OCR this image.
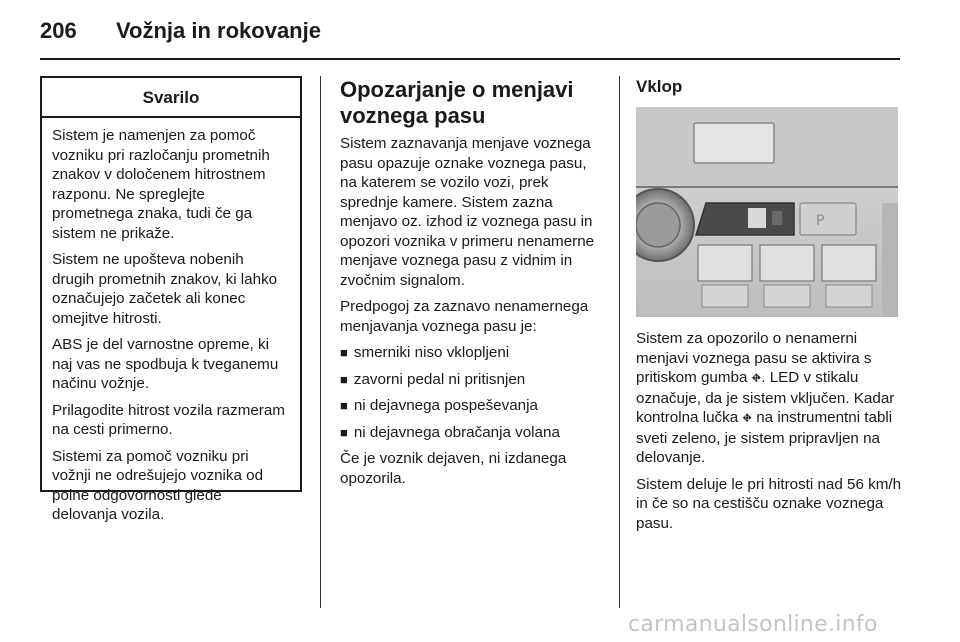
206 Vožnja in rokovanje
Svarilo

Sistem je namenjen za pomoč vozniku pri razločanju prometnih znakov v določenem hitrostnem razponu. Ne spreglejte prometnega znaka, tudi če ga sistem ne prikaže.

Sistem ne upošteva nobenih drugih prometnih znakov, ki lahko označujejo začetek ali konec omejitve hitrosti.

ABS je del varnostne opreme, ki naj vas ne spodbuja k tveganemu načinu vožnje.

Prilagodite hitrost vozila razmeram na cesti primerno.

Sistemi za pomoč vozniku pri vožnji ne odrešujejo voznika od polne odgovornosti glede delovanja vozila.

Opozarjanje o menjavi voznega pasu

Sistem zaznavanja menjave voznega pasu opazuje oznake voznega pasu, na katerem se vozilo vozi, prek sprednje kamere. Sistem zazna menjavo oz. izhod iz voznega pasu in opozori voznika v primeru nenamerne menjave voznega pasu z vidnim in zvočnim signalom.

Predpogoj za zaznavo nenamernega menjavanja voznega pasu je:

■ smerniki niso vklopljeni
■ zavorni pedal ni pritisnjen
■ ni dejavnega pospeševanja
■ ni dejavnega obračanja volana

Če je voznik dejaven, ni izdanega opozorila.

Vklop
P

Sistem za opozorilo o nenamerni menjavi voznega pasu se aktivira s pritiskom gumba ⛖. LED v stikalu označuje, da je sistem vključen. Kadar kontrolna lučka ⛖ na instrumentni tabli sveti zeleno, je sistem pripravljen na delovanje.

Sistem deluje le pri hitrosti nad 56 km/h in če so na cestišču oznake voznega pasu.

carmanualsonline.info
